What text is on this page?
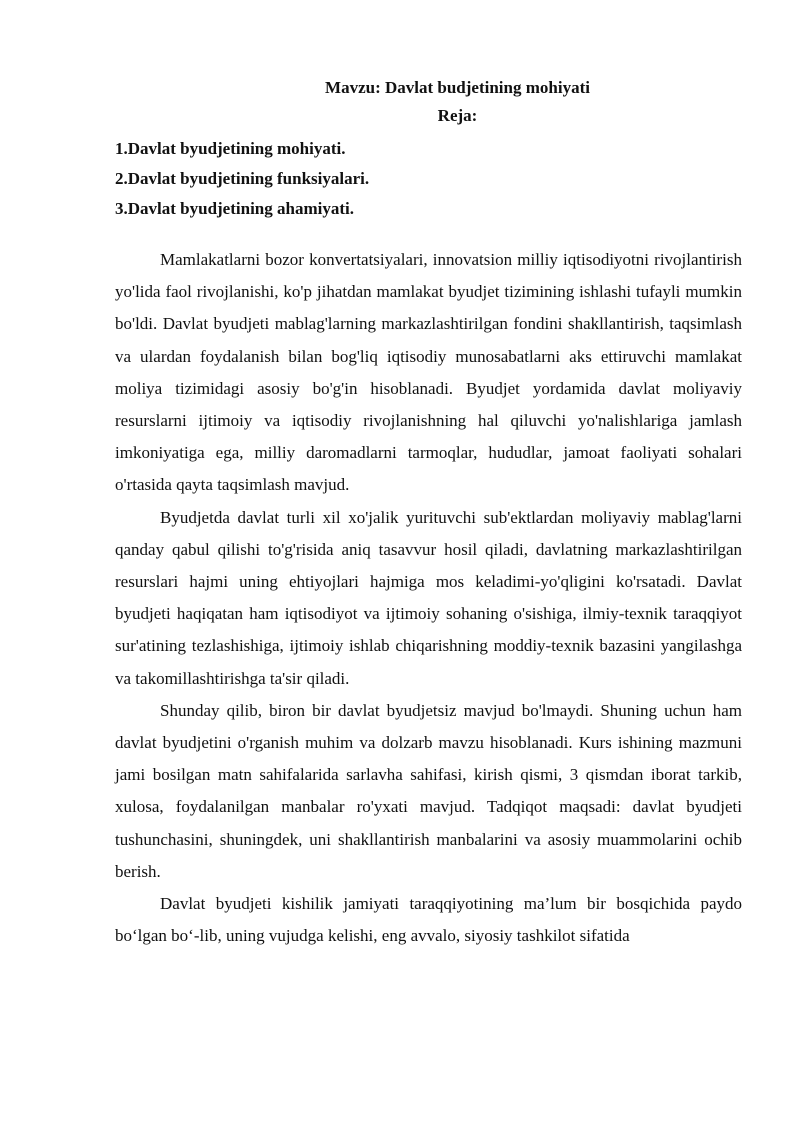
Mavzu: Davlat budjetining mohiyati

Reja:

1.Davlat byudjetining mohiyati.

2.Davlat byudjetining funksiyalari.

3.Davlat byudjetining ahamiyati.

Mamlakatlarni bozor konvertatsiyalari, innovatsion milliy iqtisodiyotni rivojlantirish yo'lida faol rivojlanishi, ko'p jihatdan mamlakat byudjet tizimining ishlashi tufayli mumkin bo'ldi. Davlat byudjeti mablag'larning markazlashtirilgan fondini shakllantirish, taqsimlash va ulardan foydalanish bilan bog'liq iqtisodiy munosabatlarni aks ettiruvchi mamlakat moliya tizimidagi asosiy bo'g'in hisoblanadi. Byudjet yordamida davlat moliyaviy resurslarni ijtimoiy va iqtisodiy rivojlanishning hal qiluvchi yo'nalishlariga jamlash imkoniyatiga ega, milliy daromadlarni tarmoqlar, hududlar, jamoat faoliyati sohalari o'rtasida qayta taqsimlash mavjud.

Byudjetda davlat turli xil xo'jalik yurituvchi sub'ektlardan moliyaviy mablag'larni qanday qabul qilishi to'g'risida aniq tasavvur hosil qiladi, davlatning markazlashtirilgan resurslari hajmi uning ehtiyojlari hajmiga mos keladimi-yo'qligini ko'rsatadi. Davlat byudjeti haqiqatan ham iqtisodiyot va ijtimoiy sohaning o'sishiga, ilmiy-texnik taraqqiyot sur'atining tezlashishiga, ijtimoiy ishlab chiqarishning moddiy-texnik bazasini yangilashga va takomillashtirishga ta'sir qiladi.

Shunday qilib, biron bir davlat byudjetsiz mavjud bo'lmaydi. Shuning uchun ham davlat byudjetini o'rganish muhim va dolzarb mavzu hisoblanadi. Kurs ishining mazmuni jami bosilgan matn sahifalarida sarlavha sahifasi, kirish qismi, 3 qismdan iborat tarkib, xulosa, foydalanilgan manbalar ro'yxati mavjud. Tadqiqot maqsadi: davlat byudjeti tushunchasini, shuningdek, uni shakllantirish manbalarini va asosiy muammolarini ochib berish.

Davlat byudjeti kishilik jamiyati taraqqiyotining ma’lum bir bosqichida paydo bo‘lgan bo‘-lib, uning vujudga kelishi, eng avvalo, siyosiy tashkilot sifatida
